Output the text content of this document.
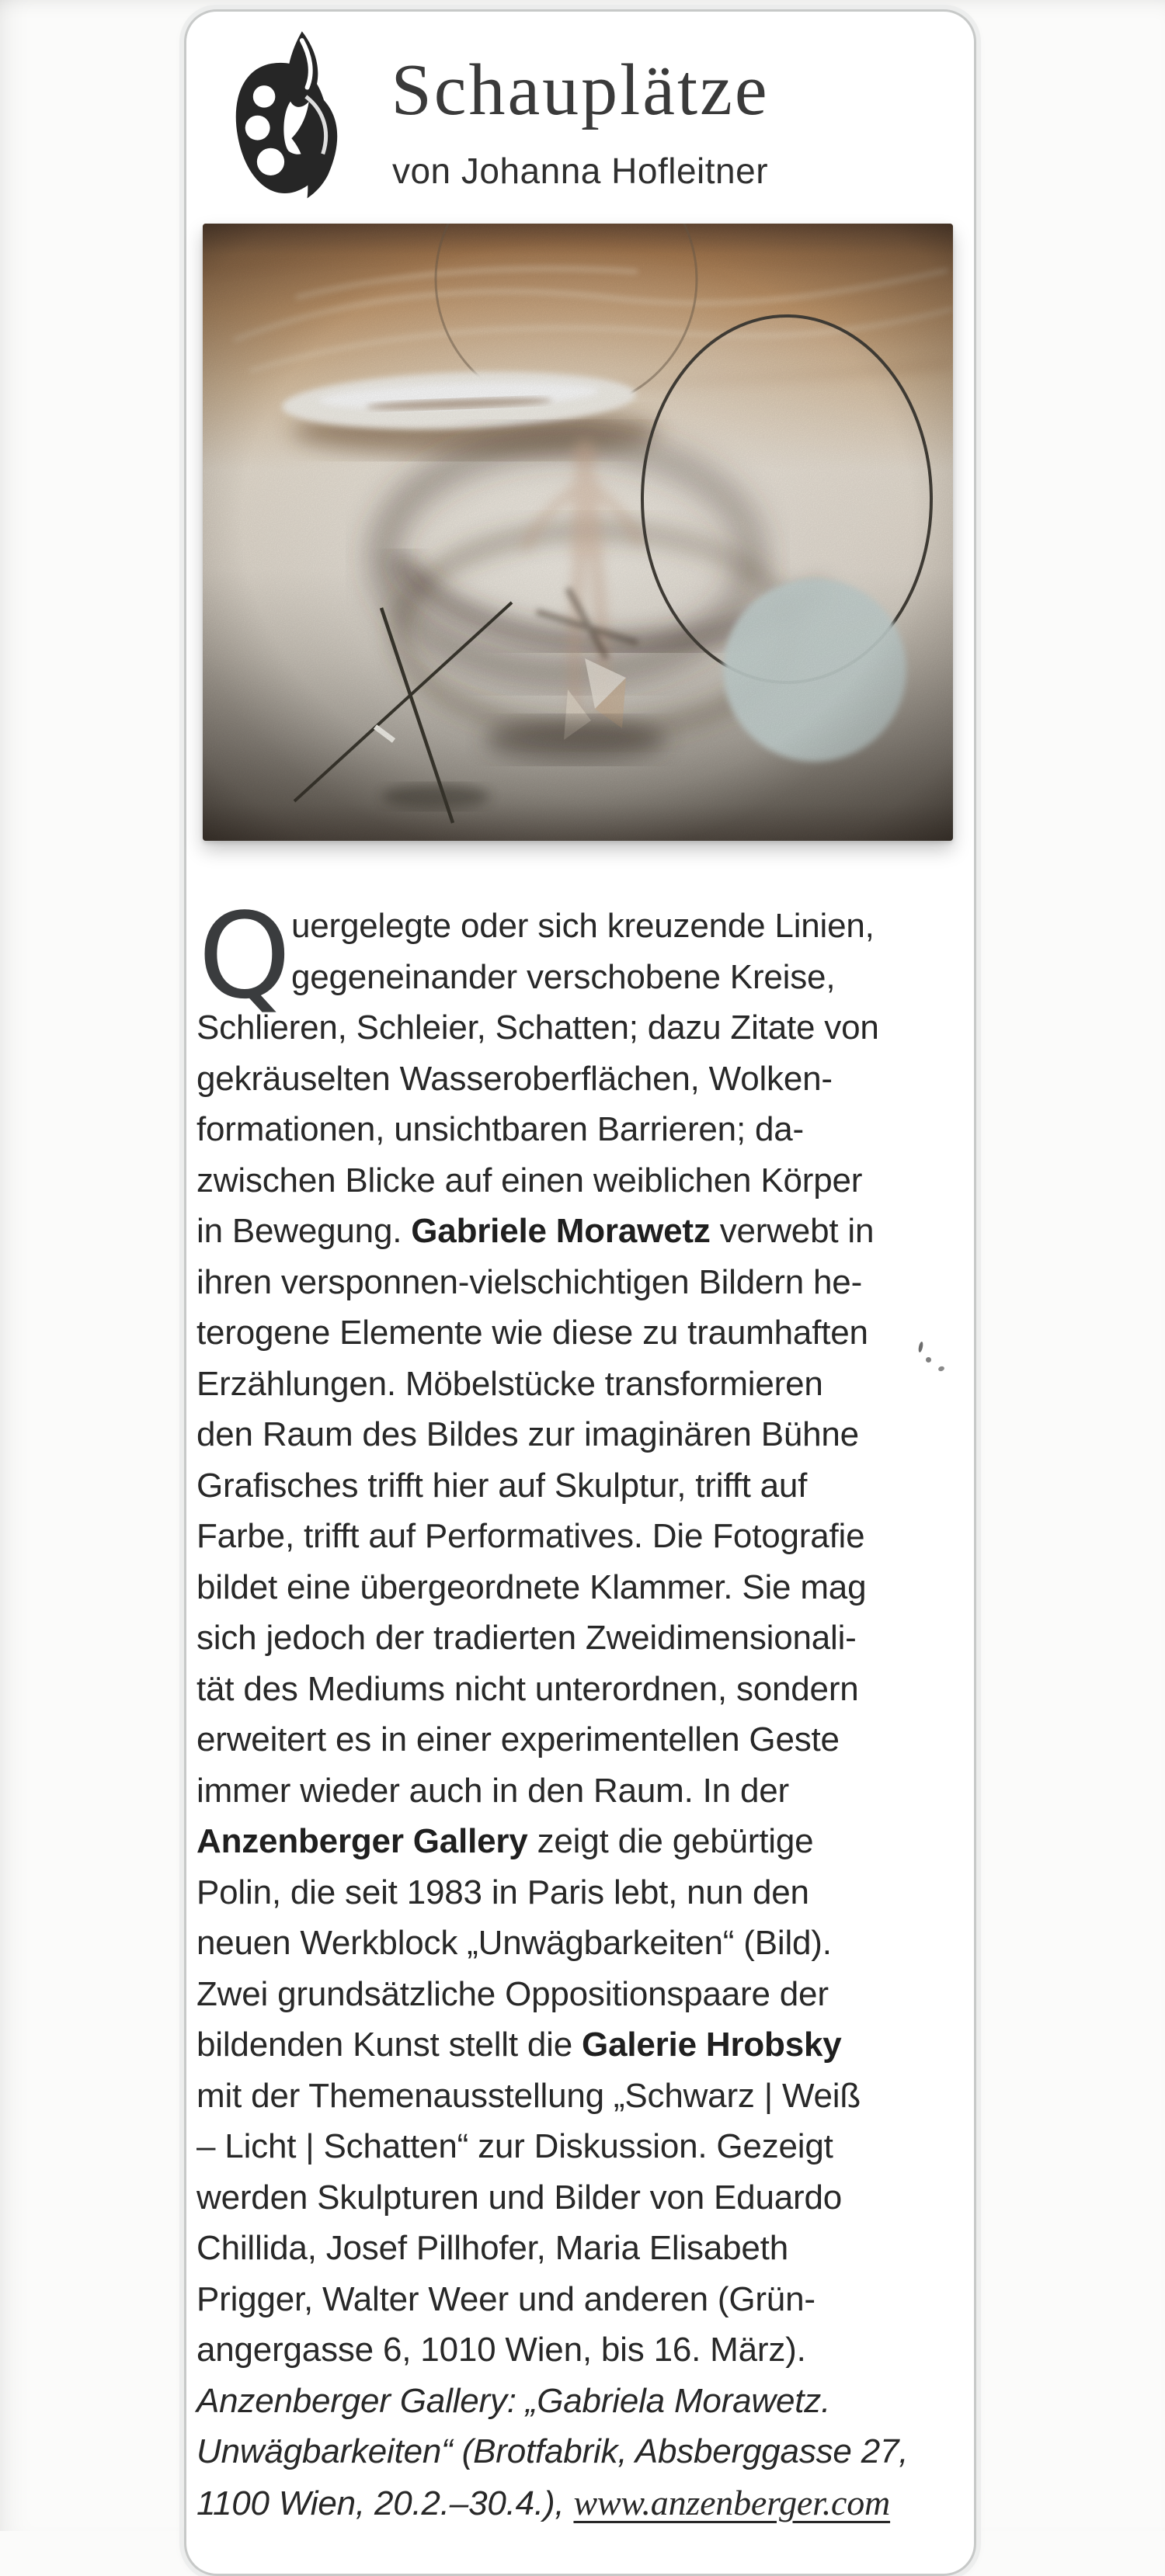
Schauplätze
von Johanna Hofleitner
Q uergelegte oder sich kreuzende Linien,
gegeneinander verschobene Kreise,
Schlieren, Schleier, Schatten; dazu Zitate von
gekräuselten Wasseroberflächen, Wolken-
formationen, unsichtbaren Barrieren; da-
zwischen Blicke auf einen weiblichen Körper
in Bewegung. Gabriele Morawetz verwebt in
ihren versponnen-vielschichtigen Bildern he-
terogene Elemente wie diese zu traumhaften
Erzählungen. Möbelstücke transformieren
den Raum des Bildes zur imaginären Bühne
Grafisches trifft hier auf Skulptur, trifft auf
Farbe, trifft auf Performatives. Die Fotografie
bildet eine übergeordnete Klammer. Sie mag
sich jedoch der tradierten Zweidimensionali-
tät des Mediums nicht unterordnen, sondern
erweitert es in einer experimentellen Geste
immer wieder auch in den Raum. In der
Anzenberger Gallery zeigt die gebürtige
Polin, die seit 1983 in Paris lebt, nun den
neuen Werkblock „Unwägbarkeiten“ (Bild).
Zwei grundsätzliche Oppositionspaare der
bildenden Kunst stellt die Galerie Hrobsky
mit der Themenausstellung „Schwarz | Weiß
– Licht | Schatten“ zur Diskussion. Gezeigt
werden Skulpturen und Bilder von Eduardo
Chillida, Josef Pillhofer, Maria Elisabeth
Prigger, Walter Weer und anderen (Grün-
angergasse 6, 1010 Wien, bis 16. März).
Anzenberger Gallery: „Gabriela Morawetz.
Unwägbarkeiten“ (Brotfabrik, Absberggasse 27,
1100 Wien, 20.2.–30.4.), www.anzenberger.com
